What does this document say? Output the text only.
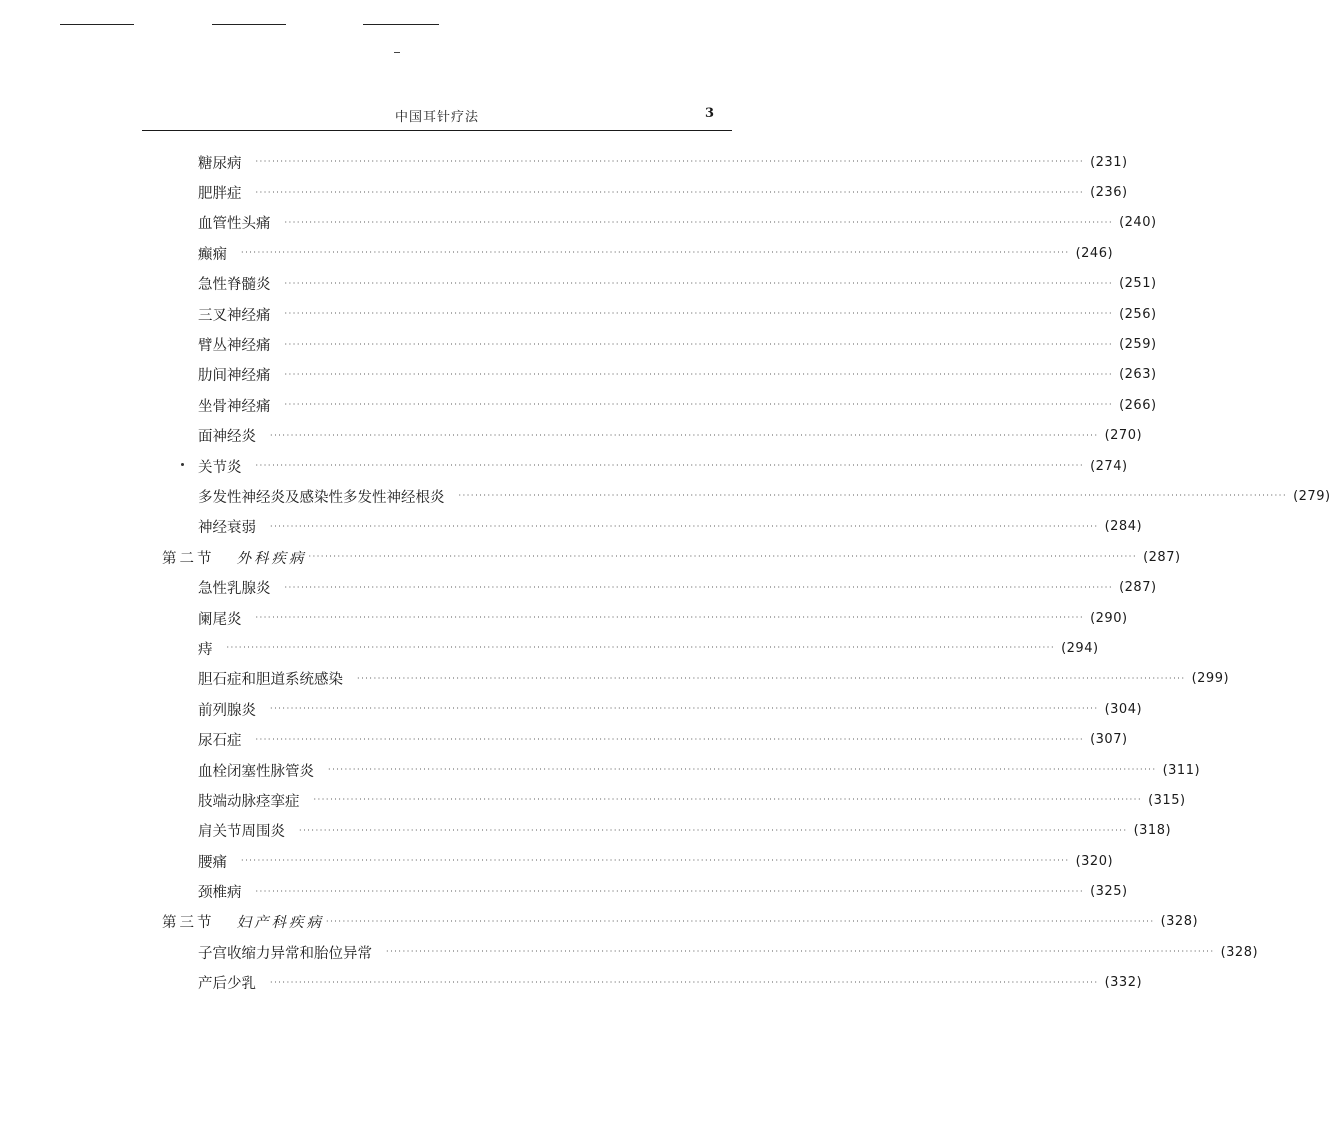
中国耳针疗法	3
糖尿病 ········································································································································································································ (231)
肥胖症 ········································································································································································································ (236)
血管性头痛 ········································································································································································································ (240)
癫痫 ········································································································································································································ (246)
急性脊髓炎 ········································································································································································································ (251)
三叉神经痛 ········································································································································································································ (256)
臂丛神经痛 ········································································································································································································ (259)
肋间神经痛 ········································································································································································································ (263)
坐骨神经痛 ········································································································································································································ (266)
面神经炎 ········································································································································································································ (270)
关节炎 ········································································································································································································ (274)
多发性神经炎及感染性多发性神经根炎 ········································································································································································································ (279)
神经衰弱 ········································································································································································································ (284)
第二节 外科疾病 ········································································································································································································ (287)
急性乳腺炎 ········································································································································································································ (287)
阑尾炎 ········································································································································································································ (290)
痔 ········································································································································································································ (294)
胆石症和胆道系统感染 ········································································································································································································ (299)
前列腺炎 ········································································································································································································ (304)
尿石症 ········································································································································································································ (307)
血栓闭塞性脉管炎 ········································································································································································································ (311)
肢端动脉痉挛症 ········································································································································································································ (315)
肩关节周围炎 ········································································································································································································ (318)
腰痛 ········································································································································································································ (320)
颈椎病 ········································································································································································································ (325)
第三节 妇产科疾病 ········································································································································································································ (328)
子宫收缩力异常和胎位异常 ········································································································································································································ (328)
产后少乳 ········································································································································································································ (332)
